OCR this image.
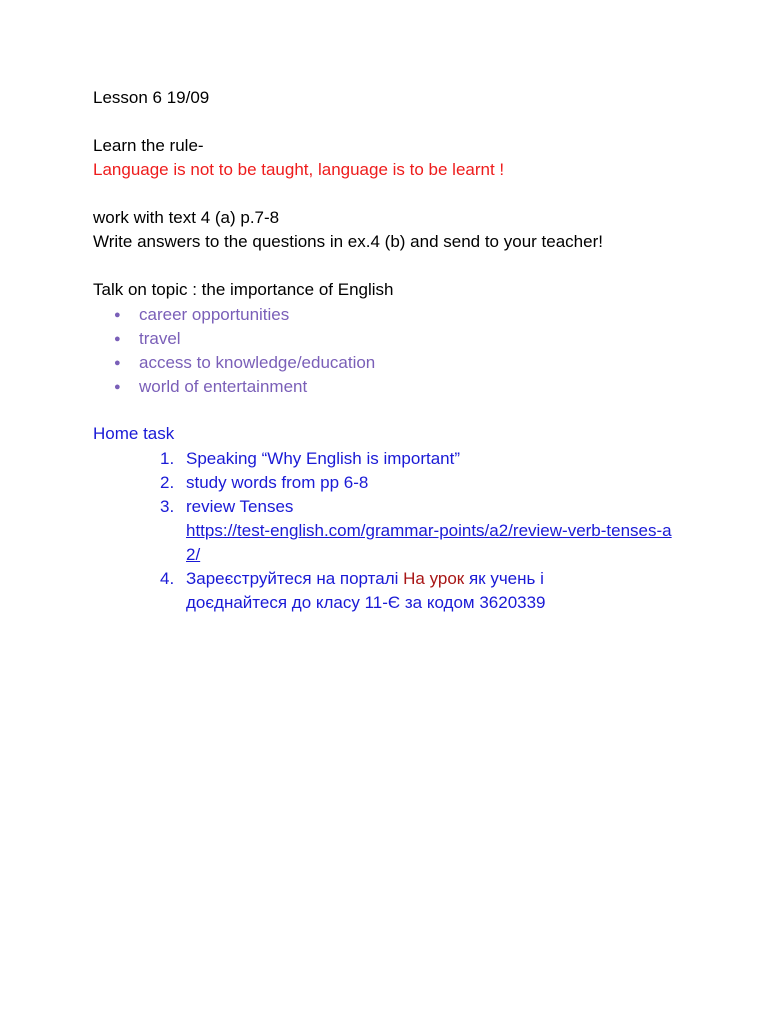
Lesson 6 19/09
Learn the rule-
Language is not to be taught, language is to be learnt !
work with text 4 (a) p.7-8
Write answers to the questions in ex.4 (b) and send to your teacher!
Talk on topic : the importance of English
● career opportunities
● travel
● access to knowledge/education
● world of entertainment
Home task
1. Speaking “Why English is important”
2. study words from pp 6-8
3. review Tenses
https://test-english.com/grammar-points/a2/review-verb-tenses-a2/
4. Зареєструйтеся на порталі На урок як учень і доєднайтеся до класу 11-Є за кодом 3620339
